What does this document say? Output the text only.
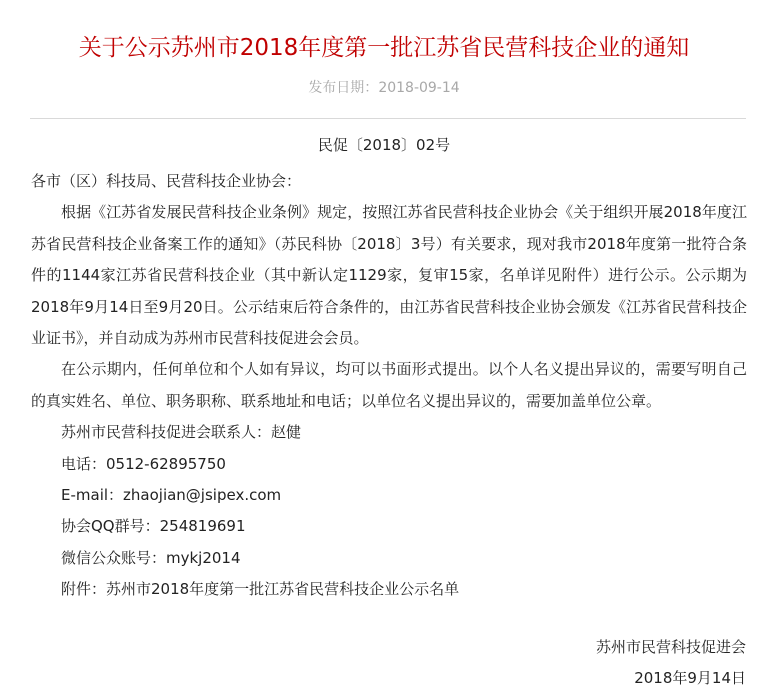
关于公示苏州市2018年度第一批江苏省民营科技企业的通知
发布日期：2018-09-14
民促〔2018〕02号

各市（区）科技局、民营科技企业协会：

根据《江苏省发展民营科技企业条例》规定，按照江苏省民营科技企业协会《关于组织开展2018年度江苏省民营科技企业备案工作的通知》（苏民科协〔2018〕3号）有关要求，现对我市2018年度第一批符合条件的1144家江苏省民营科技企业（其中新认定1129家，复审15家，名单详见附件）进行公示。公示期为2018年9月14日至9月20日。公示结束后符合条件的，由江苏省民营科技企业协会颁发《江苏省民营科技企业证书》，并自动成为苏州市民营科技促进会会员。

在公示期内，任何单位和个人如有异议，均可以书面形式提出。以个人名义提出异议的，需要写明自己的真实姓名、单位、职务职称、联系地址和电话；以单位名义提出异议的，需要加盖单位公章。

苏州市民营科技促进会联系人：赵健

电话：0512-62895750

E-mail：zhaojian@jsipex.com

协会QQ群号：254819691

微信公众账号：mykj2014

附件：苏州市2018年度第一批江苏省民营科技企业公示名单

苏州市民营科技促进会
2018年9月14日
